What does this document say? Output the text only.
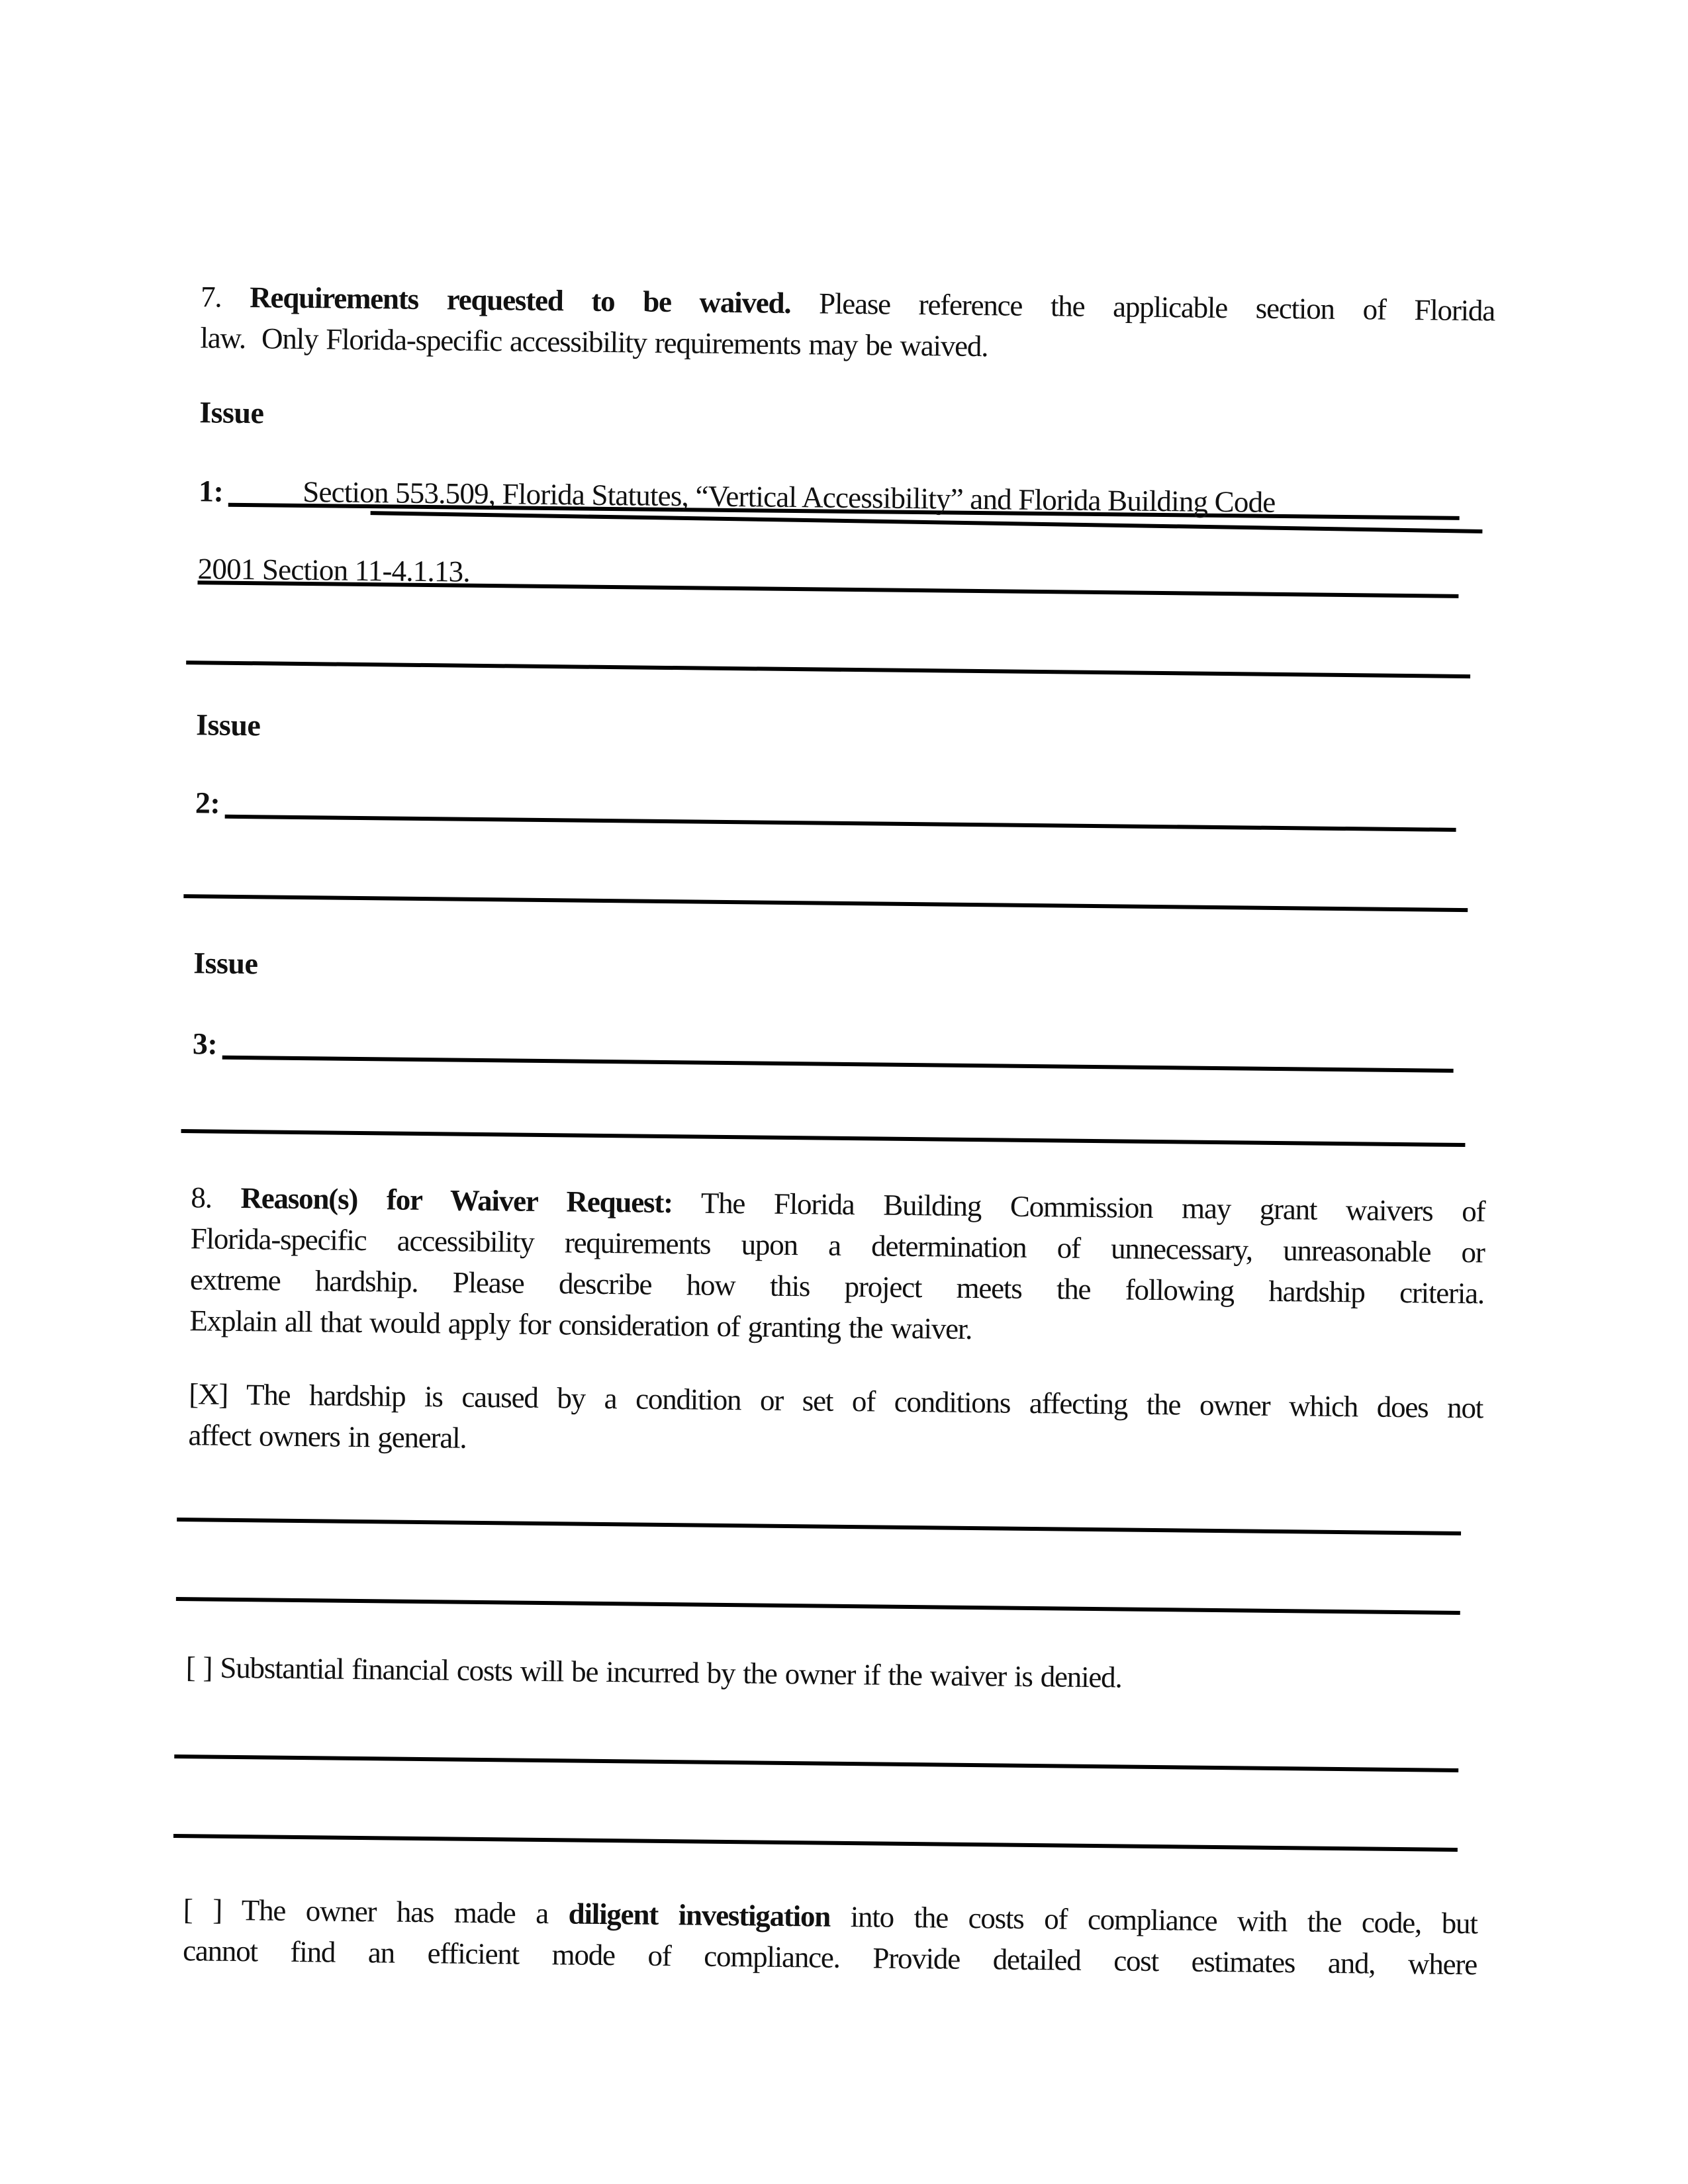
7. Requirements requested to be waived. Please reference the applicable section of Florida
law.  Only Florida-specific accessibility requirements may be waived.
Issue
1:	Section 553.509, Florida Statutes, “Vertical Accessibility” and Florida Building Code
2001 Section 11-4.1.13.
Issue
2:
Issue
3:
8. Reason(s) for Waiver Request: The Florida Building Commission may grant waivers of
Florida-specific accessibility requirements upon a determination of unnecessary, unreasonable or
extreme hardship. Please describe how this project meets the following hardship criteria.
Explain all that would apply for consideration of granting the waiver.
[X] The hardship is caused by a condition or set of conditions affecting the owner which does not
affect owners in general.
[ ] Substantial financial costs will be incurred by the owner if the waiver is denied.
[ ] The owner has made a diligent investigation into the costs of compliance with the code, but
cannot find an efficient mode of compliance. Provide detailed cost estimates and, where
